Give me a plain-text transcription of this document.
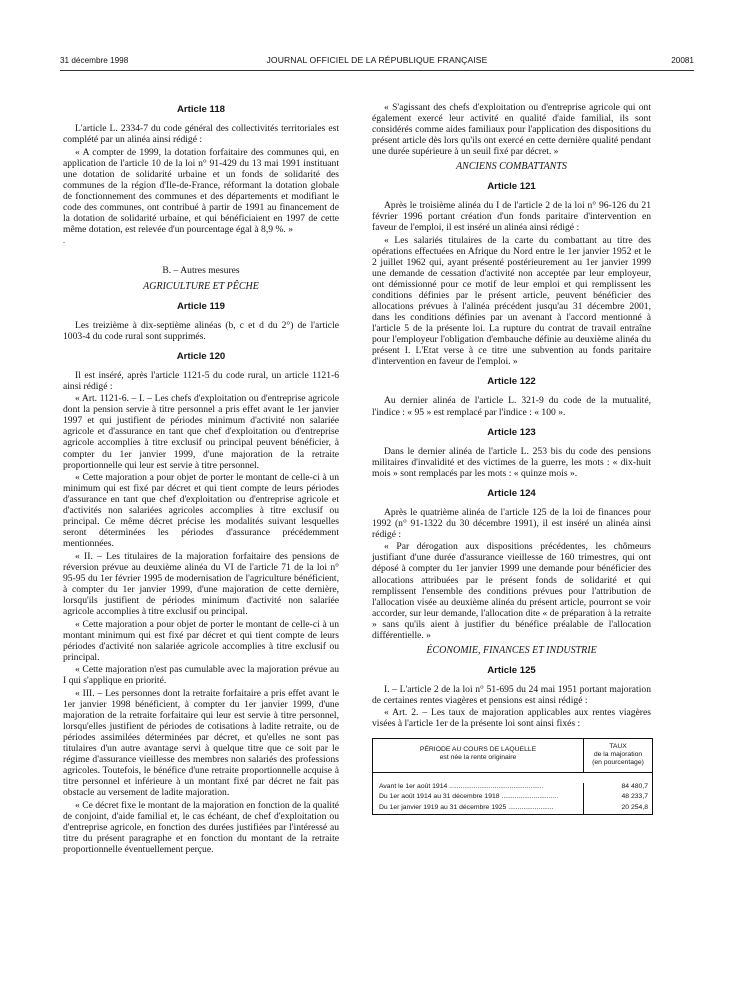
31 décembre 1998	JOURNAL OFFICIEL DE LA RÉPUBLIQUE FRANÇAISE	20081
Article 118

L'article L. 2334-7 du code général des collectivités territoriales est complété par un alinéa ainsi rédigé :

« A compter de 1999, la dotation forfaitaire des communes qui, en application de l'article 10 de la loi n° 91-429 du 13 mai 1991 instituant une dotation de solidarité urbaine et un fonds de solidarité des communes de la région d'Ile-de-France, réformant la dotation globale de fonctionnement des communes et des départements et modifiant le code des communes, ont contribué à partir de 1991 au financement de la dotation de solidarité urbaine, et qui bénéficiaient en 1997 de cette même dotation, est relevée d'un pourcentage égal à 8,9 %. »

.

B. – Autres mesures
AGRICULTURE ET PÊCHE
Article 119

Les treizième à dix-septième alinéas (b, c et d du 2°) de l'article 1003-4 du code rural sont supprimés.

Article 120

Il est inséré, après l'article 1121-5 du code rural, un article 1121-6 ainsi rédigé :

« Art. 1121-6. – I. – Les chefs d'exploitation ou d'entreprise agricole dont la pension servie à titre personnel a pris effet avant le 1er janvier 1997 et qui justifient de périodes minimum d'activité non salariée agricole et d'assurance en tant que chef d'exploitation ou d'entreprise agricole accomplies à titre exclusif ou principal peuvent bénéficier, à compter du 1er janvier 1999, d'une majoration de la retraite proportionnelle qui leur est servie à titre personnel.

« Cette majoration a pour objet de porter le montant de celle-ci à un minimum qui est fixé par décret et qui tient compte de leurs périodes d'assurance en tant que chef d'exploitation ou d'entreprise agricole et d'activités non salariées agricoles accomplies à titre exclusif ou principal. Ce même décret précise les modalités suivant lesquelles seront déterminées les périodes d'assurance précédemment mentionnées.

« II. – Les titulaires de la majoration forfaitaire des pensions de réversion prévue au deuxième alinéa du VI de l'article 71 de la loi n° 95-95 du 1er février 1995 de modernisation de l'agriculture bénéficient, à compter du 1er janvier 1999, d'une majoration de cette dernière, lorsqu'ils justifient de périodes minimum d'activité non salariée agricole accomplies à titre exclusif ou principal.

« Cette majoration a pour objet de porter le montant de celle-ci à un montant minimum qui est fixé par décret et qui tient compte de leurs périodes d'activité non salariée agricole accomplies à titre exclusif ou principal.

« Cette majoration n'est pas cumulable avec la majoration prévue au I qui s'applique en priorité.

« III. – Les personnes dont la retraite forfaitaire a pris effet avant le 1er janvier 1998 bénéficient, à compter du 1er janvier 1999, d'une majoration de la retraite forfaitaire qui leur est servie à titre personnel, lorsqu'elles justifient de périodes de cotisations à ladite retraite, ou de périodes assimilées déterminées par décret, et qu'elles ne sont pas titulaires d'un autre avantage servi à quelque titre que ce soit par le régime d'assurance vieillesse des membres non salariés des professions agricoles. Toutefois, le bénéfice d'une retraite proportionnelle acquise à titre personnel et inférieure à un montant fixé par décret ne fait pas obstacle au versement de ladite majoration.

« Ce décret fixe le montant de la majoration en fonction de la qualité de conjoint, d'aide familial et, le cas échéant, de chef d'exploitation ou d'entreprise agricole, en fonction des durées justifiées par l'intéressé au titre du présent paragraphe et en fonction du montant de la retraite proportionnelle éventuellement perçue.

« S'agissant des chefs d'exploitation ou d'entreprise agricole qui ont également exercé leur activité en qualité d'aide familial, ils sont considérés comme aides familiaux pour l'application des dispositions du présent article dès lors qu'ils ont exercé en cette dernière qualité pendant une durée supérieure à un seuil fixé par décret. »

ANCIENS COMBATTANTS
Article 121

Après le troisième alinéa du I de l'article 2 de la loi n° 96-126 du 21 février 1996 portant création d'un fonds paritaire d'intervention en faveur de l'emploi, il est inséré un alinéa ainsi rédigé :

« Les salariés titulaires de la carte du combattant au titre des opérations effectuées en Afrique du Nord entre le 1er janvier 1952 et le 2 juillet 1962 qui, ayant présenté postérieurement au 1er janvier 1999 une demande de cessation d'activité non acceptée par leur employeur, ont démissionné pour ce motif de leur emploi et qui remplissent les conditions définies par le présent article, peuvent bénéficier des allocations prévues à l'alinéa précédent jusqu'au 31 décembre 2001, dans les conditions définies par un avenant à l'accord mentionné à l'article 5 de la présente loi. La rupture du contrat de travail entraîne pour l'employeur l'obligation d'embauche définie au deuxième alinéa du présent I. L'Etat verse à ce titre une subvention au fonds paritaire d'intervention en faveur de l'emploi. »

Article 122

Au dernier alinéa de l'article L. 321-9 du code de la mutualité, l'indice : « 95 » est remplacé par l'indice : « 100 ».

Article 123

Dans le dernier alinéa de l'article L. 253 bis du code des pensions militaires d'invalidité et des victimes de la guerre, les mots : « dix-huit mois » sont remplacés par les mots : « quinze mois ».

Article 124

Après le quatrième alinéa de l'article 125 de la loi de finances pour 1992 (n° 91-1322 du 30 décembre 1991), il est inséré un alinéa ainsi rédigé :

« Par dérogation aux dispositions précédentes, les chômeurs justifiant d'une durée d'assurance vieillesse de 160 trimestres, qui ont déposé à compter du 1er janvier 1999 une demande pour bénéficier des allocations attribuées par le présent fonds de solidarité et qui remplissent l'ensemble des conditions prévues pour l'attribution de l'allocation visée au deuxième alinéa du présent article, pourront se voir accorder, sur leur demande, l'allocation dite « de préparation à la retraite » sans qu'ils aient à justifier du bénéfice préalable de l'allocation différentielle. »

ÉCONOMIE, FINANCES ET INDUSTRIE
Article 125

I. – L'article 2 de la loi n° 51-695 du 24 mai 1951 portant majoration de certaines rentes viagères et pensions est ainsi rédigé :

« Art. 2. – Les taux de majoration applicables aux rentes viagères visées à l'article 1er de la présente loi sont ainsi fixés :

PÉRIODE AU COURS DE LAQUELLE
est née la rente originaire
TAUX
de la majoration
(en pourcentage)
Avant le 1er août 1914 ..................................................	84 480,7
Du 1er août 1914 au 31 décembre 1918 ..............................	48 233,7
Du 1er janvier 1919 au 31 décembre 1925 ........................	20 254,8
